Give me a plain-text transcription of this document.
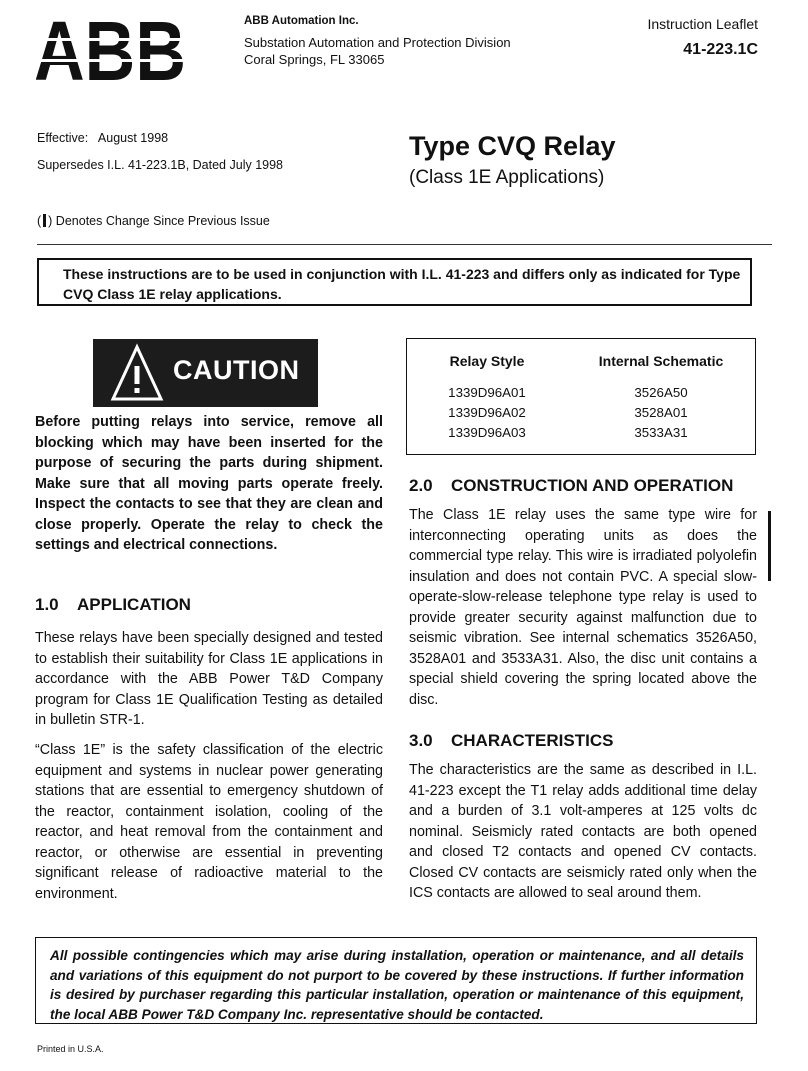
ABB Automation Inc.
Substation Automation and Protection Division
Coral Springs, FL 33065
Instruction Leaflet
41-223.1C
Effective:   August 1998
Supersedes I.L. 41-223.1B, Dated July 1998
( ) Denotes Change Since Previous Issue
Type CVQ Relay
(Class 1E Applications)
These instructions are to be used in conjunction with I.L. 41-223 and differs only as indicated for Type CVQ Class 1E relay applications.
CAUTION
Before putting relays into service, remove all blocking which may have been inserted for the purpose of securing the parts during shipment. Make sure that all moving parts operate freely. Inspect the contacts to see that they are clean and close properly. Operate the relay to check the settings and electrical connections.
1.0 APPLICATION
These relays have been specially designed and tested to establish their suitability for Class 1E applications in accordance with the ABB Power T&D Company program for Class 1E Qualification Testing as detailed in bulletin STR-1.
“Class 1E” is the safety classification of the electric equipment and systems in nuclear power generating stations that are essential to emergency shutdown of the reactor, containment isolation, cooling of the reactor, and heat removal from the containment and reactor, or otherwise are essential in preventing significant release of radioactive material to the environment.
Relay Style	Internal Schematic
1339D96A01	3526A50
1339D96A02	3528A01
1339D96A03	3533A31
2.0 CONSTRUCTION AND OPERATION
The Class 1E relay uses the same type wire for interconnecting operating units as does the commercial type relay. This wire is irradiated polyolefin insulation and does not contain PVC. A special slow-operate-slow-release telephone type relay is used to provide greater security against malfunction due to seismic vibration. See internal schematics 3526A50, 3528A01 and 3533A31. Also, the disc unit contains a special shield covering the spring located above the disc.
3.0 CHARACTERISTICS
The characteristics are the same as described in I.L. 41-223 except the T1 relay adds additional time delay and a burden of 3.1 volt-amperes at 125 volts dc nominal. Seismicly rated contacts are both opened and closed T2 contacts and opened CV contacts. Closed CV contacts are seismicly rated only when the ICS contacts are allowed to seal around them.
All possible contingencies which may arise during installation, operation or maintenance, and all details and variations of this equipment do not purport to be covered by these instructions. If further information is desired by purchaser regarding this particular installation, operation or maintenance of this equipment, the local ABB Power T&D Company Inc. representative should be contacted.
Printed in U.S.A.
